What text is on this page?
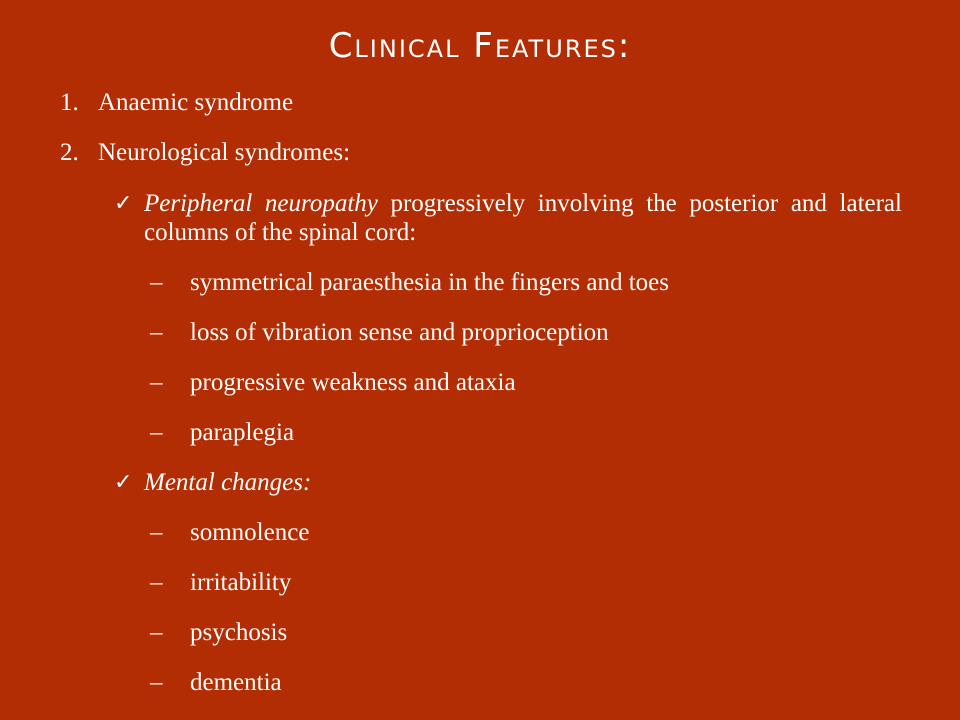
Clinical Features:
1. Anaemic syndrome
2. Neurological syndromes:
✓ Peripheral neuropathy progressively involving the posterior and lateral columns of the spinal cord:
– symmetrical paraesthesia in the fingers and toes
– loss of vibration sense and proprioception
– progressive weakness and ataxia
– paraplegia
✓ Mental changes:
– somnolence
– irritability
– psychosis
– dementia
